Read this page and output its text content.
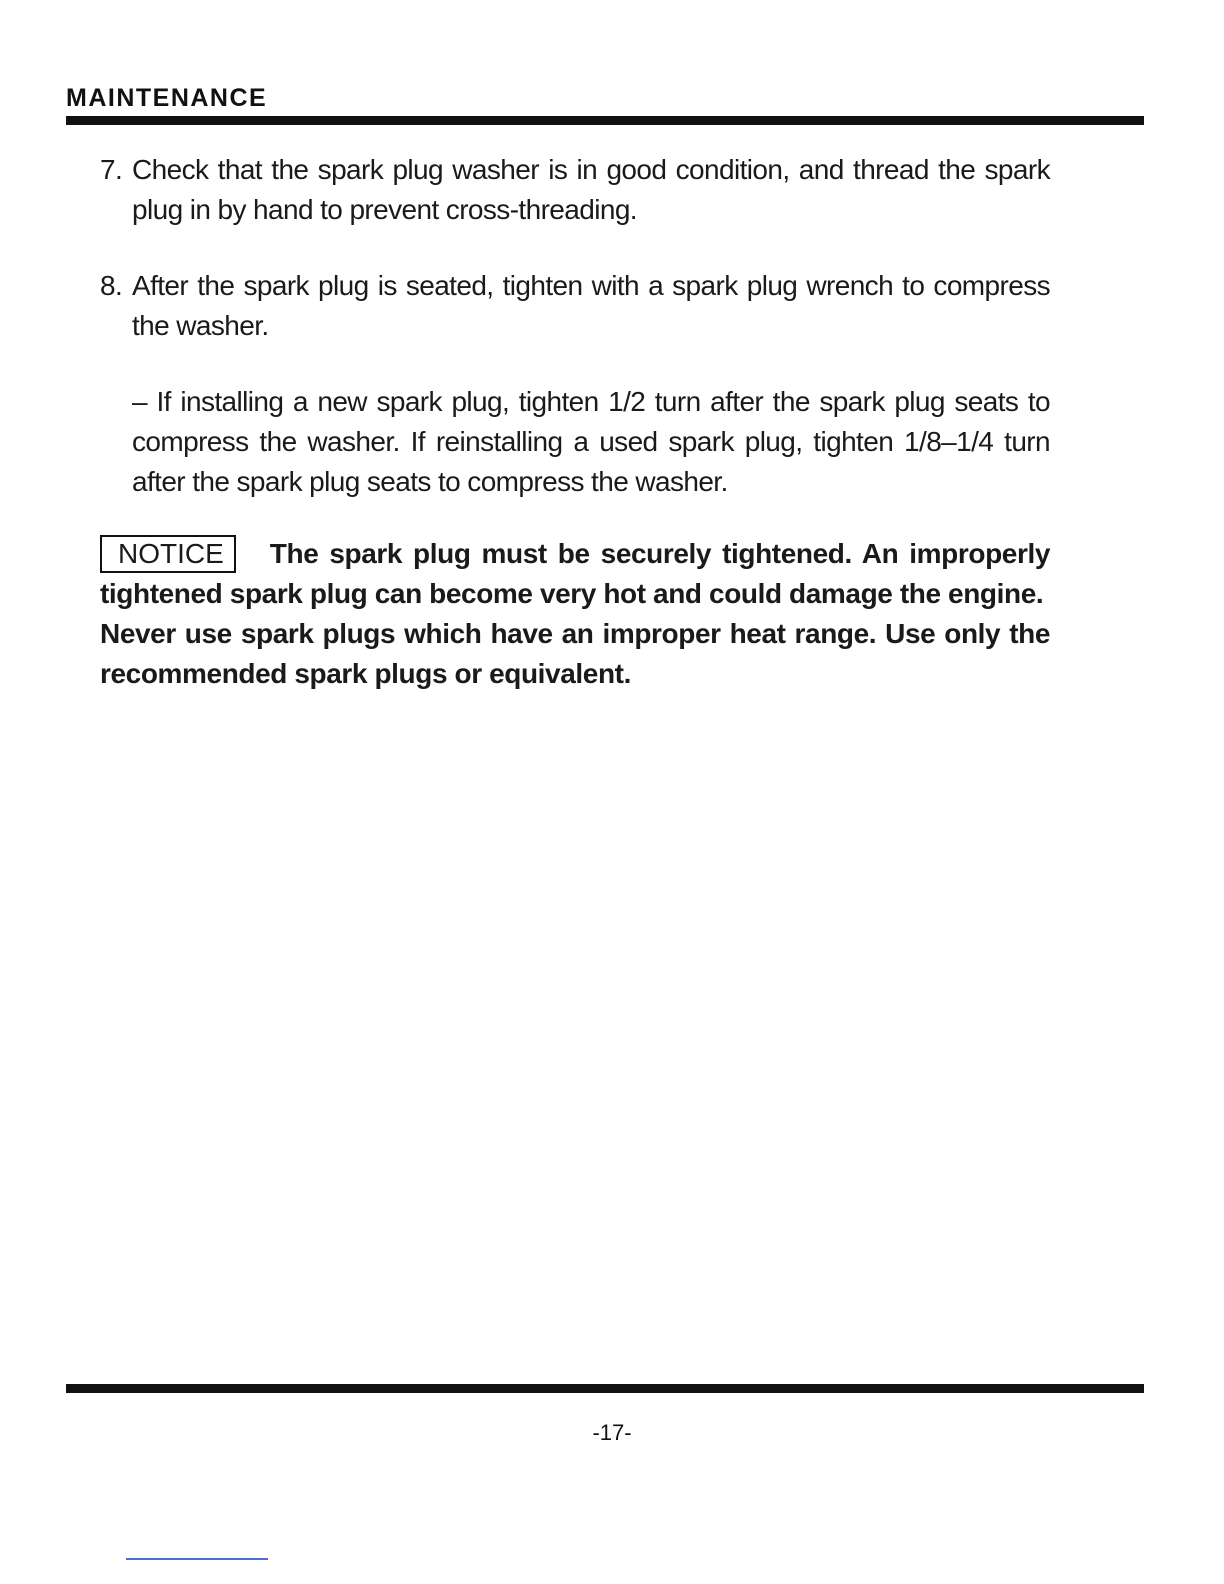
MAINTENANCE
7. Check that the spark plug washer is in good condition, and thread the spark plug in by hand to prevent cross-threading.
8. After the spark plug is seated, tighten with a spark plug wrench to compress the washer.
– If installing a new spark plug, tighten 1/2 turn after the spark plug seats to compress the washer. If reinstalling a used spark plug, tighten 1/8–1/4 turn after the spark plug seats to compress the washer.
NOTICE The spark plug must be securely tightened. An improperly tightened spark plug can become very hot and could damage the engine.
Never use spark plugs which have an improper heat range. Use only the recommended spark plugs or equivalent.
-17-
